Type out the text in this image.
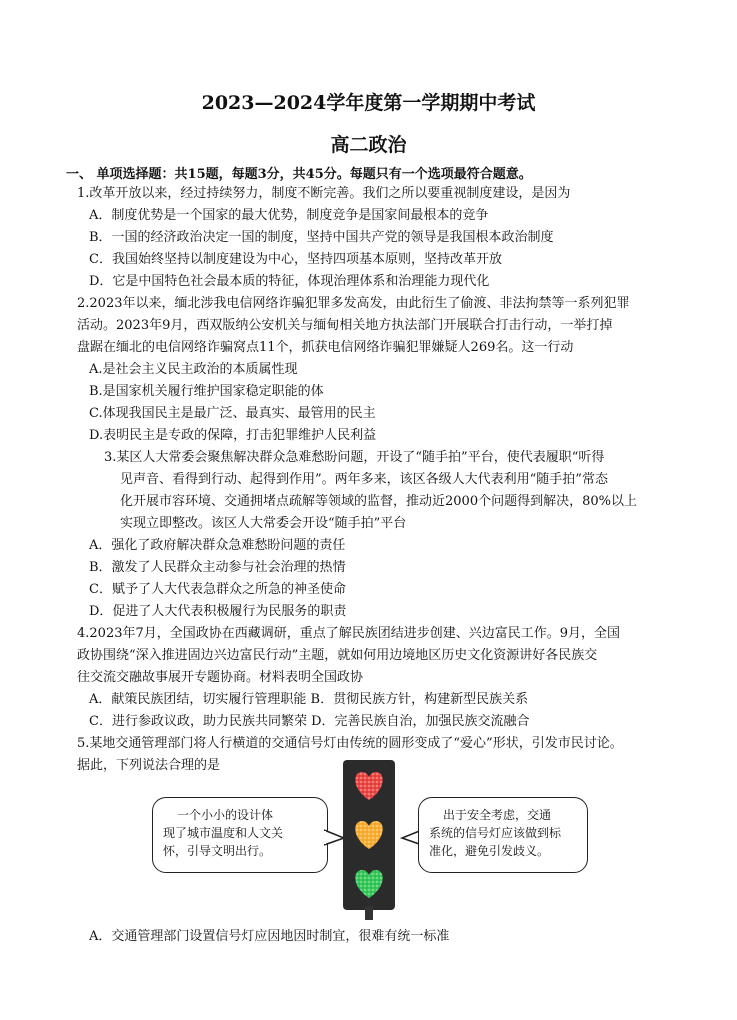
2023—2024学年度第一学期期中考试
高二政治
一、 单项选择题：共15题，每题3分，共45分。每题只有一个选项最符合题意。
1.改革开放以来，经过持续努力，制度不断完善。我们之所以要重视制度建设，是因为
A．制度优势是一个国家的最大优势，制度竞争是国家间最根本的竞争
B．一国的经济政治决定一国的制度，坚持中国共产党的领导是我国根本政治制度
C．我国始终坚持以制度建设为中心，坚持四项基本原则，坚持改革开放
D．它是中国特色社会最本质的特征，体现治理体系和治理能力现代化
2.2023年以来，缅北涉我电信网络诈骗犯罪多发高发，由此衍生了偷渡、非法拘禁等一系列犯罪
活动。2023年9月，西双版纳公安机关与缅甸相关地方执法部门开展联合打击行动，一举打掉
盘踞在缅北的电信网络诈骗窝点11个，抓获电信网络诈骗犯罪嫌疑人269名。这一行动
A.是社会主义民主政治的本质属性现
B.是国家机关履行维护国家稳定职能的体
C.体现我国民主是最广泛、最真实、最管用的民主
D.表明民主是专政的保障，打击犯罪维护人民利益
3.某区人大常委会聚焦解决群众急难愁盼问题，开设了“随手拍”平台，使代表履职“听得
见声音、看得到行动、起得到作用”。两年多来，该区各级人大代表利用“随手拍”常态
化开展市容环境、交通拥堵点疏解等领域的监督，推动近2000个问题得到解决，80%以上
实现立即整改。该区人大常委会开设“随手拍”平台
A．强化了政府解决群众急难愁盼问题的责任
B．激发了人民群众主动参与社会治理的热情
C．赋予了人大代表急群众之所急的神圣使命
D．促进了人大代表积极履行为民服务的职责
4.2023年7月，全国政协在西藏调研，重点了解民族团结进步创建、兴边富民工作。9月，全国
政协围绕“深入推进固边兴边富民行动”主题，就如何用边境地区历史文化资源讲好各民族交
往交流交融故事展开专题协商。材料表明全国政协
A．献策民族团结，切实履行管理职能 B．贯彻民族方针，构建新型民族关系
C．进行参政议政，助力民族共同繁荣 D．完善民族自治，加强民族交流融合
5.某地交通管理部门将人行横道的交通信号灯由传统的圆形变成了“爱心”形状，引发市民讨论。
据此，下列说法合理的是
一个小小的设计体
现了城市温度和人文关
怀，引导文明出行。
出于安全考虑，交通
系统的信号灯应该做到标
准化，避免引发歧义。
A．交通管理部门设置信号灯应因地因时制宜，很难有统一标准
